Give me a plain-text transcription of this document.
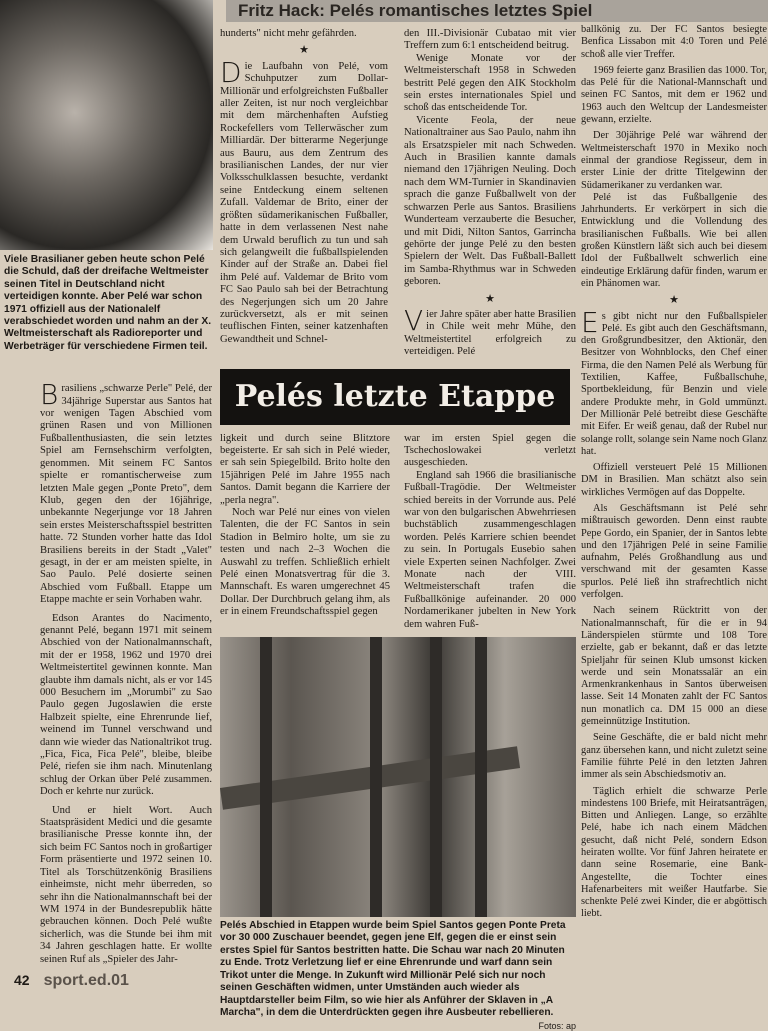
Fritz Hack: Pelés romantisches letztes Spiel
Viele Brasilianer geben heute schon Pelé die Schuld, daß der dreifache Weltmeister seinen Titel in Deutschland nicht verteidigen konnte. Aber Pelé war schon 1971 offiziell aus der Nationalelf verabschiedet worden und nahm an der X. Weltmeisterschaft als Radioreporter und Werbeträger für verschiedene Firmen teil.

Brasiliens „schwarze Perle" Pelé, der 34jährige Superstar aus Santos hat vor wenigen Tagen Abschied vom grünen Rasen und von Millionen Fußballenthusiasten, die sein letztes Spiel am Fernsehschirm verfolgten, genommen. Mit seinem FC Santos spielte er romantischerweise zum letzten Male gegen „Ponte Preto", dem Klub, gegen den der 16jährige, unbekannte Negerjunge vor 18 Jahren sein erstes Meisterschaftsspiel bestritten hatte. 72 Stunden vorher hatte das Idol Brasiliens bereits in der Stadt „Valet" gesagt, in der er am meisten spielte, in Sao Paulo. Pelé dosierte seinen Abschied vom Fußball. Etappe um Etappe machte er sein Vorhaben wahr.

Edson Arantes do Nacimento, genannt Pelé, begann 1971 mit seinem Abschied von der Nationalmannschaft, mit der er 1958, 1962 und 1970 drei Weltmeistertitel gewinnen konnte. Man glaubte ihm damals nicht, als er vor 145 000 Besuchern im „Morumbi" zu Sao Paulo gegen Jugoslawien die erste Halbzeit spielte, eine Ehrenrunde lief, weinend im Tunnel verschwand und dann wie wieder das Nationaltrikot trug. „Fica, Fica, Fica Pelé", bleibe, bleibe Pelé, riefen sie ihm nach. Minutenlang schlug der Orkan über Pelé zusammen. Doch er kehrte nur zurück.

Und er hielt Wort. Auch Staatspräsident Medici und die gesamte brasilianische Presse konnte ihn, der sich beim FC Santos noch in großartiger Form präsentierte und 1972 seinen 10. Titel als Torschützenkönig Brasiliens einheimste, nicht mehr überreden, so sehr ihn die Nationalmannschaft bei der WM 1974 in der Bundesrepublik hätte gebrauchen können. Doch Pelé wußte sicherlich, was die Stunde bei ihm mit 34 Jahren geschlagen hatte. Er wollte seinen Ruf als „Spieler des Jahr-

42 sport.ed.01

hunderts" nicht mehr gefährden.

★

Die Laufbahn von Pelé, vom Schuhputzer zum Dollar-Millionär und erfolgreichsten Fußballer aller Zeiten, ist nur noch vergleichbar mit dem märchenhaften Aufstieg Rockefellers vom Tellerwäscher zum Milliardär. Der bitterarme Negerjunge aus Bauru, aus dem Zentrum des brasilianischen Landes, der nur vier Volksschulklassen besuchte, verdankt seine Entdeckung einem seltenen Zufall. Valdemar de Brito, einer der größten südamerikanischen Fußballer, hatte in dem verlassenen Nest nahe dem Urwald beruflich zu tun und sah sich gelangweilt die fußballspielenden Kinder auf der Straße an. Dabei fiel ihm Pelé auf. Valdemar de Brito vom FC Sao Paulo sah bei der Betrachtung des Negerjungen sich um 20 Jahre zurückversetzt, als er mit seinen teuflischen Finten, seiner katzenhaften Gewandtheit und Schnel-

den III.-Divisionär Cubatao mit vier Treffern zum 6:1 entscheidend beitrug.

Wenige Monate vor der Weltmeisterschaft 1958 in Schweden bestritt Pelé gegen den AIK Stockholm sein erstes internationales Spiel und schoß das entscheidende Tor.

Vicente Feola, der neue Nationaltrainer aus Sao Paulo, nahm ihn als Ersatzspieler mit nach Schweden. Auch in Brasilien kannte damals niemand den 17jährigen Neuling. Doch nach dem WM-Turnier in Skandinavien sprach die ganze Fußballwelt von der schwarzen Perle aus Santos. Brasiliens Wunderteam verzauberte die Besucher, und mit Didi, Nilton Santos, Garrincha gehörte der junge Pelé zu den besten Spielern der Welt. Das Fußball-Ballett im Samba-Rhythmus war in Schweden geboren.

★

Vier Jahre später aber hatte Brasilien in Chile weit mehr Mühe, den Weltmeistertitel erfolgreich zu verteidigen. Pelé

Pelés letzte Etappe

ligkeit und durch seine Blitztore begeisterte. Er sah sich in Pelé wieder, er sah sein Spiegelbild. Brito holte den 15jährigen Pelé im Jahre 1955 nach Santos. Damit begann die Karriere der „perla negra".

Noch war Pelé nur eines von vielen Talenten, die der FC Santos in sein Stadion in Belmiro holte, um sie zu testen und nach 2–3 Wochen die Auswahl zu treffen. Schließlich erhielt Pelé einen Monatsvertrag für die 3. Mannschaft. Es waren umgerechnet 45 Dollar. Der Durchbruch gelang ihm, als er in einem Freundschaftsspiel gegen

war im ersten Spiel gegen die Tschechoslowakei verletzt ausgeschieden.

England sah 1966 die brasilianische Fußball-Tragödie. Der Weltmeister schied bereits in der Vorrunde aus. Pelé war von den bulgarischen Abwehrriesen buchstäblich zusammengeschlagen worden. Pelés Karriere schien beendet zu sein. In Portugals Eusebio sahen viele Experten seinen Nachfolger. Zwei Monate nach der VIII. Weltmeisterschaft trafen die Fußballkönige aufeinander. 20 000 Nordamerikaner jubelten in New York dem wahren Fuß-

Pelés Abschied in Etappen wurde beim Spiel Santos gegen Ponte Preta vor 30 000 Zuschauer beendet, gegen jene Elf, gegen die er einst sein erstes Spiel für Santos bestritten hatte. Die Schau war nach 20 Minuten zu Ende. Trotz Verletzung lief er eine Ehrenrunde und warf dann sein Trikot unter die Menge. In Zukunft wird Millionär Pelé sich nur noch seinen Geschäften widmen, unter Umständen auch wieder als Hauptdarsteller beim Film, so wie hier als Anführer der Sklaven in „A Marcha", in dem die Unterdrückten gegen ihre Ausbeuter rebellieren.
Fotos: ap

ballkönig zu. Der FC Santos besiegte Benfica Lissabon mit 4:0 Toren und Pelé schoß alle vier Treffer.

1969 feierte ganz Brasilien das 1000. Tor, das Pelé für die National-Mannschaft und seinen FC Santos, mit dem er 1962 und 1963 auch den Weltcup der Landesmeister gewann, erzielte.

Der 30jährige Pelé war während der Weltmeisterschaft 1970 in Mexiko noch einmal der grandiose Regisseur, dem in erster Linie der dritte Titelgewinn der Südamerikaner zu verdanken war.

Pelé ist das Fußballgenie des Jahrhunderts. Er verkörpert in sich die Entwicklung und die Vollendung des brasilianischen Fußballs. Wie bei allen großen Künstlern läßt sich auch bei diesem Idol der Fußballwelt schwerlich eine eindeutige Erklärung dafür finden, warum er ein Phänomen war.

★

Es gibt nicht nur den Fußballspieler Pelé. Es gibt auch den Geschäftsmann, den Großgrundbesitzer, den Aktionär, den Besitzer von Wohnblocks, den Chef einer Firma, die den Namen Pelé als Werbung für Textilien, Kaffee, Fußballschuhe, Sportbekleidung, für Benzin und viele andere Produkte mehr, in Gold ummünzt. Der Millionär Pelé betreibt diese Geschäfte mit Eifer. Er weiß genau, daß der Rubel nur solange rollt, solange sein Name noch Glanz hat.

Offiziell versteuert Pelé 15 Millionen DM in Brasilien. Man schätzt also sein wirkliches Vermögen auf das Doppelte.

Als Geschäftsmann ist Pelé sehr mißtrauisch geworden. Denn einst raubte Pepe Gordo, ein Spanier, der in Santos lebte und den 17jährigen Pelé in seine Familie aufnahm, Pelés Großhandlung aus und verschwand mit der gesamten Kasse spurlos. Pelé ließ ihn strafrechtlich nicht verfolgen.

Nach seinem Rücktritt von der Nationalmannschaft, für die er in 94 Länderspielen stürmte und 108 Tore erzielte, gab er bekannt, daß er das letzte Spieljahr für seinen Klub umsonst kicken werde und sein Monatssalär an ein Armenkrankenhaus in Santos überweisen lasse. Seit 14 Monaten zahlt der FC Santos nun monatlich ca. DM 15 000 an diese gemeinnützige Institution.

Seine Geschäfte, die er bald nicht mehr ganz übersehen kann, und nicht zuletzt seine Familie führte Pelé in den letzten Jahren immer als sein Abschiedsmotiv an.

Täglich erhielt die schwarze Perle mindestens 100 Briefe, mit Heiratsanträgen, Bitten und Anliegen. Lange, so erzählte Pelé, habe ich nach einem Mädchen gesucht, daß nicht Pelé, sondern Edson heiraten wollte. Vor fünf Jahren heiratete er dann seine Rosemarie, eine Bank-Angestellte, die Tochter eines Hafenarbeiters mit weißer Hautfarbe. Sie schenkte Pelé zwei Kinder, die er abgöttisch liebt.
